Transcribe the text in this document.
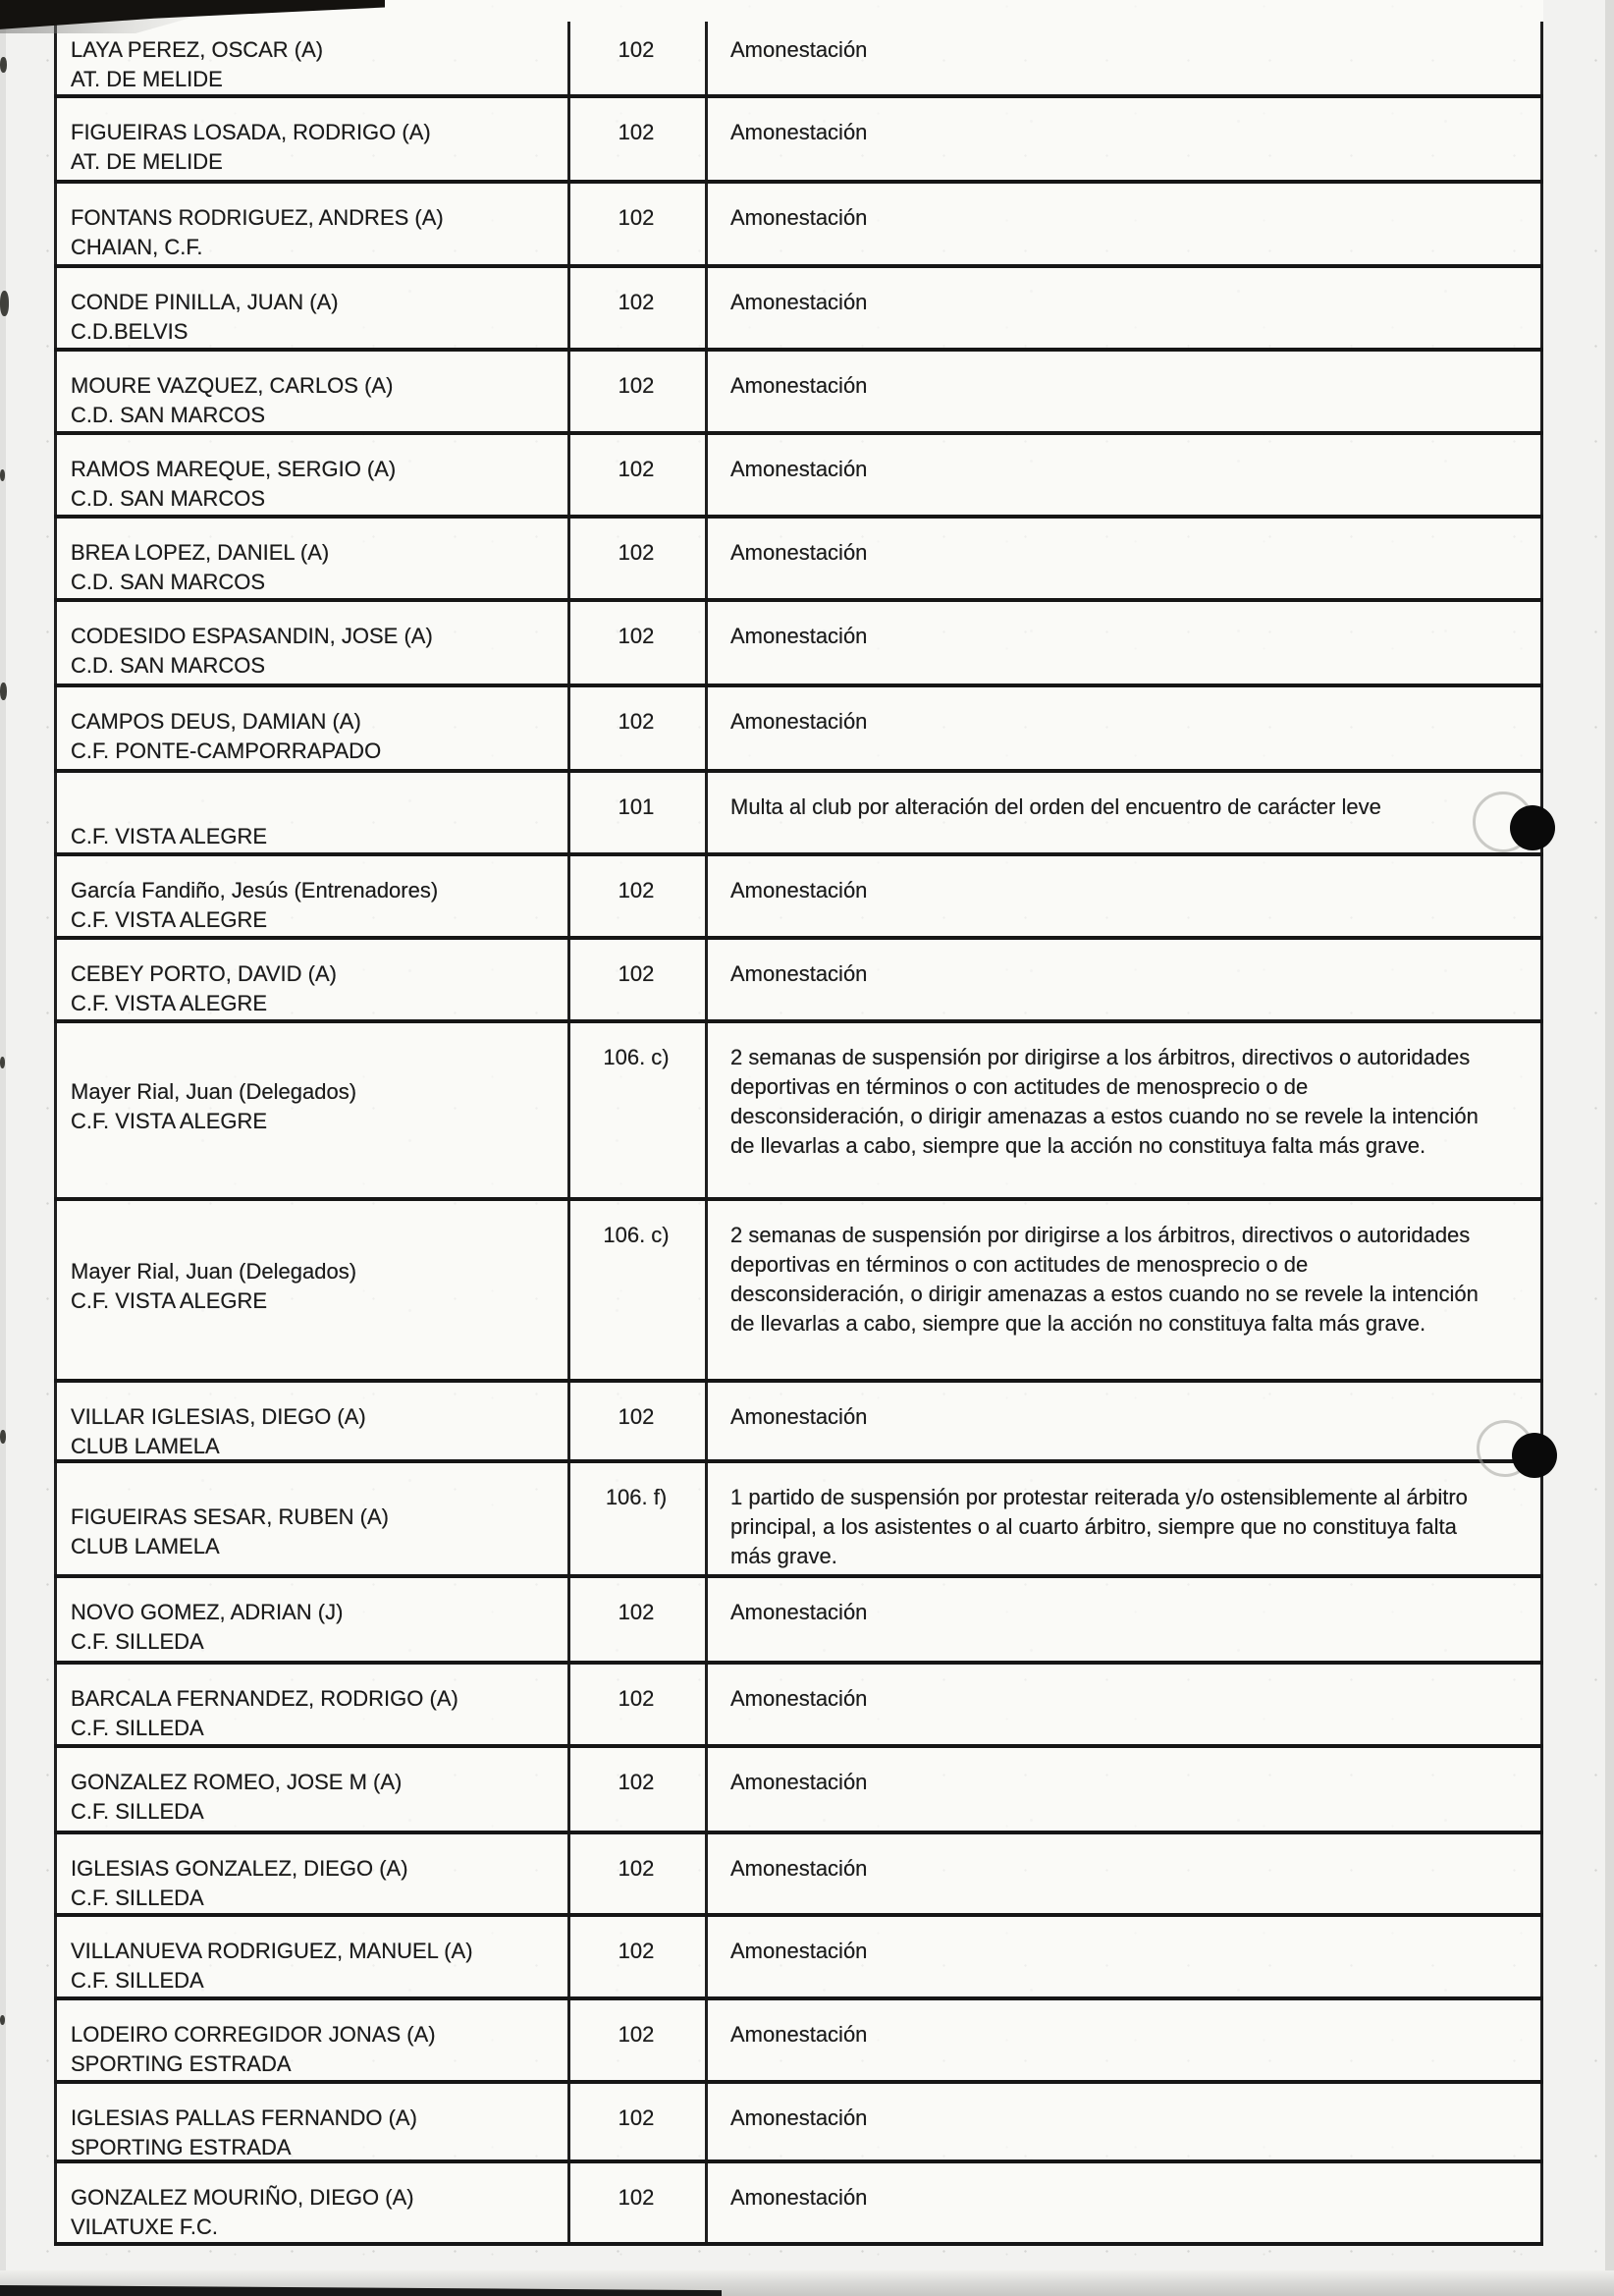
LAYA PEREZ, OSCAR (A)
AT. DE MELIDE
102	Amonestación
FIGUEIRAS LOSADA, RODRIGO (A)
AT. DE MELIDE
102	Amonestación
FONTANS RODRIGUEZ, ANDRES (A)
CHAIAN, C.F.
102	Amonestación
CONDE PINILLA, JUAN (A)
C.D.BELVIS
102	Amonestación
MOURE VAZQUEZ, CARLOS (A)
C.D. SAN MARCOS
102	Amonestación
RAMOS MAREQUE, SERGIO (A)
C.D. SAN MARCOS
102	Amonestación
BREA LOPEZ, DANIEL (A)
C.D. SAN MARCOS
102	Amonestación
CODESIDO ESPASANDIN, JOSE (A)
C.D. SAN MARCOS
102	Amonestación
CAMPOS DEUS, DAMIAN (A)
C.F. PONTE-CAMPORRAPADO
102	Amonestación
C.F. VISTA ALEGRE
101	Multa al club por alteración del orden del encuentro de carácter leve
García Fandiño, Jesús (Entrenadores)
C.F. VISTA ALEGRE
102	Amonestación
CEBEY PORTO, DAVID (A)
C.F. VISTA ALEGRE
102	Amonestación
Mayer Rial, Juan (Delegados)
C.F. VISTA ALEGRE
106. c)	2 semanas de suspensión por dirigirse a los árbitros, directivos o autoridades deportivas en términos o con actitudes de menosprecio o de desconsideración, o dirigir amenazas a estos cuando no se revele la intención de llevarlas a cabo, siempre que la acción no constituya falta más grave.
Mayer Rial, Juan (Delegados)
C.F. VISTA ALEGRE
106. c)	2 semanas de suspensión por dirigirse a los árbitros, directivos o autoridades deportivas en términos o con actitudes de menosprecio o de desconsideración, o dirigir amenazas a estos cuando no se revele la intención de llevarlas a cabo, siempre que la acción no constituya falta más grave.
VILLAR IGLESIAS, DIEGO (A)
CLUB LAMELA
102	Amonestación
FIGUEIRAS SESAR, RUBEN (A)
CLUB LAMELA
106. f)	1 partido de suspensión por protestar reiterada y/o ostensiblemente al árbitro principal, a los asistentes o al cuarto árbitro, siempre que no constituya falta más grave.
NOVO GOMEZ, ADRIAN (J)
C.F. SILLEDA
102	Amonestación
BARCALA FERNANDEZ, RODRIGO (A)
C.F. SILLEDA
102	Amonestación
GONZALEZ ROMEO, JOSE M (A)
C.F. SILLEDA
102	Amonestación
IGLESIAS GONZALEZ, DIEGO (A)
C.F. SILLEDA
102	Amonestación
VILLANUEVA RODRIGUEZ, MANUEL (A)
C.F. SILLEDA
102	Amonestación
LODEIRO CORREGIDOR JONAS (A)
SPORTING ESTRADA
102	Amonestación
IGLESIAS PALLAS FERNANDO (A)
SPORTING ESTRADA
102	Amonestación
GONZALEZ MOURIÑO, DIEGO (A)
VILATUXE F.C.
102	Amonestación
